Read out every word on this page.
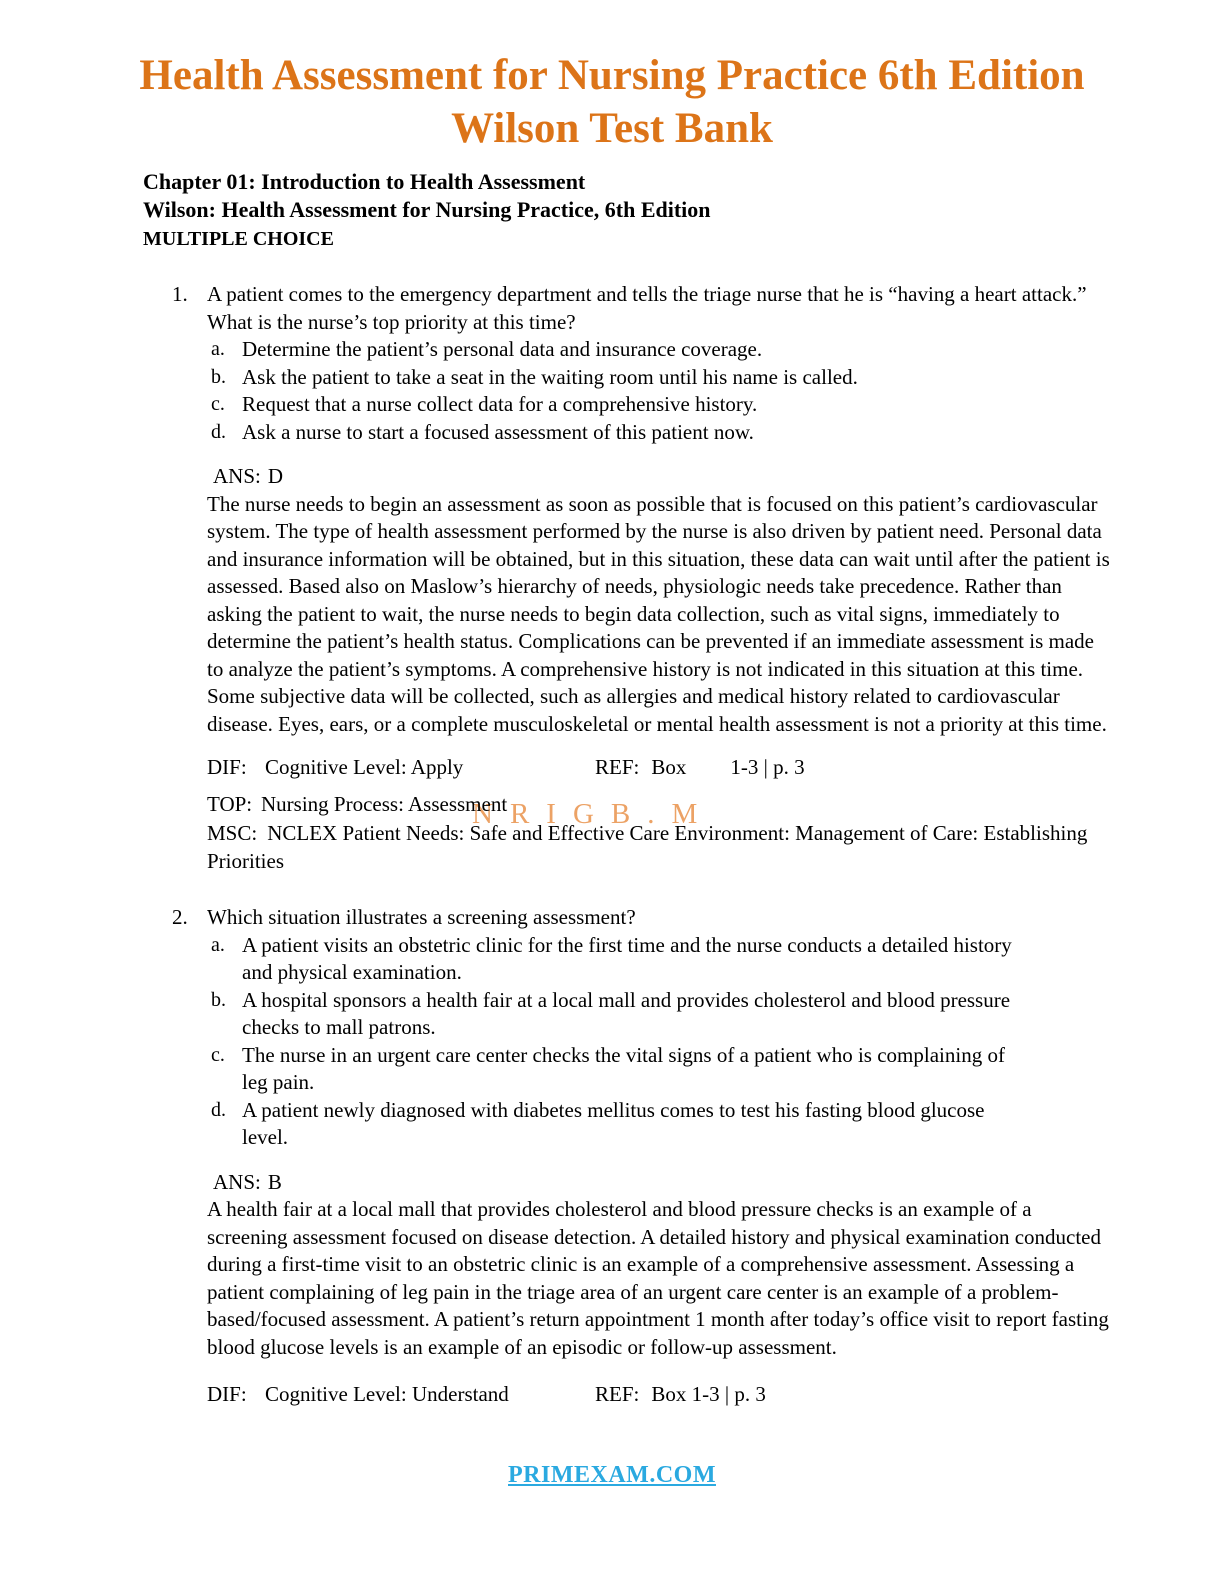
NRIGB.M
Health Assessment for Nursing Practice 6th Edition
Wilson Test Bank
Chapter 01: Introduction to Health Assessment
Wilson: Health Assessment for Nursing Practice, 6th Edition
MULTIPLE CHOICE
1. A patient comes to the emergency department and tells the triage nurse that he is “having a heart attack.” What is the nurse’s top priority at this time?
a. Determine the patient’s personal data and insurance coverage.
b. Ask the patient to take a seat in the waiting room until his name is called.
c. Request that a nurse collect data for a comprehensive history.
d. Ask a nurse to start a focused assessment of this patient now.
ANS: D

The nurse needs to begin an assessment as soon as possible that is focused on this patient’s cardiovascular system. The type of health assessment performed by the nurse is also driven by patient need. Personal data and insurance information will be obtained, but in this situation, these data can wait until after the patient is assessed. Based also on Maslow’s hierarchy of needs, physiologic needs take precedence. Rather than asking the patient to wait, the nurse needs to begin data collection, such as vital signs, immediately to determine the patient’s health status. Complications can be prevented if an immediate assessment is made to analyze the patient’s symptoms. A comprehensive history is not indicated in this situation at this time. Some subjective data will be collected, such as allergies and medical history related to cardiovascular disease. Eyes, ears, or a complete musculoskeletal or mental health assessment is not a priority at this time.

DIF: Cognitive Level: Apply	REF: Box 1-3 | p. 3
TOP: Nursing Process: Assessment

MSC: NCLEX Patient Needs: Safe and Effective Care Environment: Management of Care: Establishing Priorities

2. Which situation illustrates a screening assessment?
a. A patient visits an obstetric clinic for the first time and the nurse conducts a detailed history and physical examination.
b. A hospital sponsors a health fair at a local mall and provides cholesterol and blood pressure checks to mall patrons.
c. The nurse in an urgent care center checks the vital signs of a patient who is complaining of leg pain.
d. A patient newly diagnosed with diabetes mellitus comes to test his fasting blood glucose level.
ANS: B

A health fair at a local mall that provides cholesterol and blood pressure checks is an example of a screening assessment focused on disease detection. A detailed history and physical examination conducted during a first-time visit to an obstetric clinic is an example of a comprehensive assessment. Assessing a patient complaining of leg pain in the triage area of an urgent care center is an example of a problem-based/focused assessment. A patient’s return appointment 1 month after today’s office visit to report fasting blood glucose levels is an example of an episodic or follow-up assessment.

DIF: Cognitive Level: Understand	REF: Box 1-3 | p. 3
PRIMEXAM.COM
